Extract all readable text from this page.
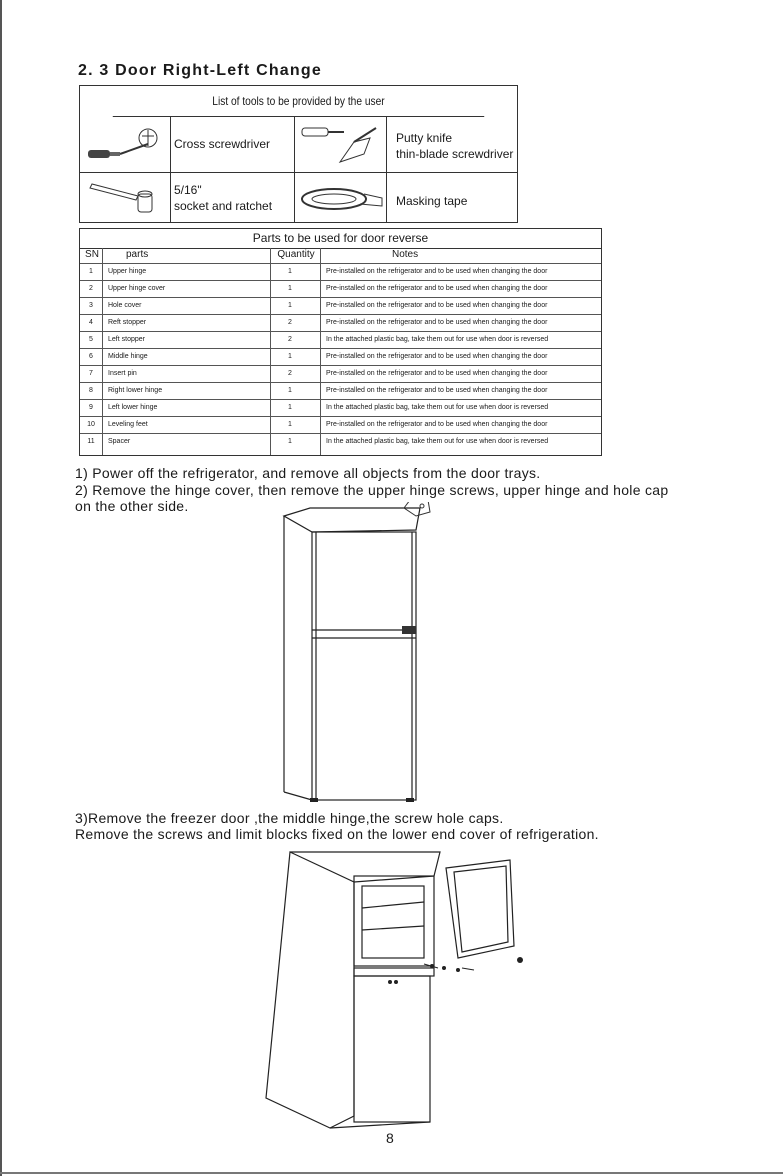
2. 3 Door Right-Left Change
List of tools to be provided by the user
Cross screwdriver	Putty knife
thin-blade screwdriver
5/16"
socket and ratchet	Masking tape
Parts to be used for door reverse
SN	parts	Quantity	Notes
1	Upper hinge	1	Pre-installed on the refrigerator and to be used when changing the door
2	Upper hinge cover	1	Pre-installed on the refrigerator and to be used when changing the door
3	Hole cover	1	Pre-installed on the refrigerator and to be used when changing the door
4	Reft stopper	2	Pre-installed on the refrigerator and to be used when changing the door
5	Left stopper	2	In the attached plastic bag, take them out for use when door is reversed
6	Middle hinge	1	Pre-installed on the refrigerator and to be used when changing the door
7	Insert pin	2	Pre-installed on the refrigerator and to be used when changing the door
8	Right lower hinge	1	Pre-installed on the refrigerator and to be used when changing the door
9	Left lower hinge	1	In the attached plastic bag, take them out for use when door is reversed
10	Leveling feet	1	Pre-installed on the refrigerator and to be used when changing the door
11	Spacer	1	In the attached plastic bag, take them out for use when door is reversed
1) Power off the refrigerator, and remove all objects from the door trays.
2) Remove the hinge cover, then remove the upper hinge screws, upper hinge and hole cap
on the other side.
3)Remove the freezer door ,the middle hinge,the screw hole caps.
Remove the screws and limit blocks fixed on the lower end cover of refrigeration.
8
